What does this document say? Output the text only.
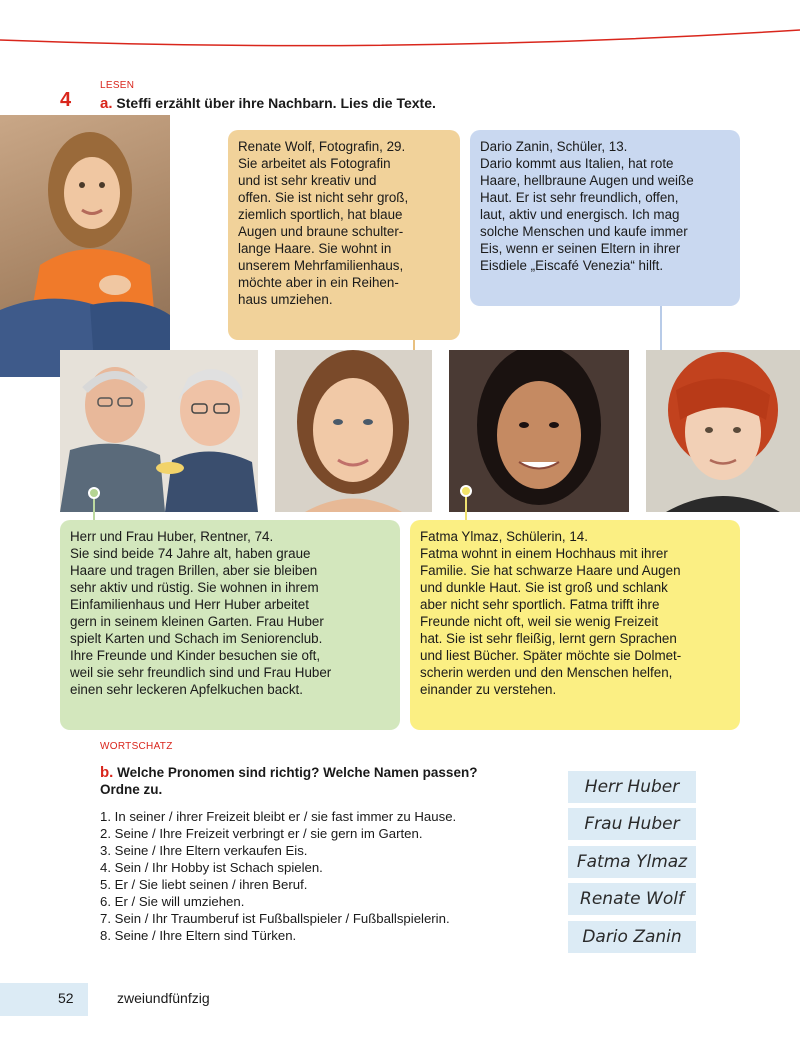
4
LESEN
a. Steffi erzählt über ihre Nachbarn. Lies die Texte.

Renate Wolf, Fotografin, 29.

Sie arbeitet als Fotografin

und ist sehr kreativ und

offen. Sie ist nicht sehr groß,

ziemlich sportlich, hat blaue

Augen und braune schulter-

lange Haare. Sie wohnt in

unserem Mehrfamilienhaus,

möchte aber in ein Reihen-

haus umziehen.

Dario Zanin, Schüler, 13.

Dario kommt aus Italien, hat rote

Haare, hellbraune Augen und weiße

Haut. Er ist sehr freundlich, offen,

laut, aktiv und energisch. Ich mag

solche Menschen und kaufe immer

Eis, wenn er seinen Eltern in ihrer

Eisdiele „Eiscafé Venezia“ hilft.

Herr und Frau Huber, Rentner, 74.

Sie sind beide 74 Jahre alt, haben graue

Haare und tragen Brillen, aber sie bleiben

sehr aktiv und rüstig. Sie wohnen in ihrem

Einfamilienhaus und Herr Huber arbeitet

gern in seinem kleinen Garten. Frau Huber

spielt Karten und Schach im Seniorenclub.

Ihre Freunde und Kinder besuchen sie oft,

weil sie sehr freundlich sind und Frau Huber

einen sehr leckeren Apfelkuchen backt.

Fatma Ylmaz, Schülerin, 14.

Fatma wohnt in einem Hochhaus mit ihrer

Familie. Sie hat schwarze Haare und Augen

und dunkle Haut. Sie ist groß und schlank

aber nicht sehr sportlich. Fatma trifft ihre

Freunde nicht oft, weil sie wenig Freizeit

hat. Sie ist sehr fleißig, lernt gern Sprachen

und liest Bücher. Später möchte sie Dolmet-

scherin werden und den Menschen helfen,

einander zu verstehen.

WORTSCHATZ
b. Welche Pronomen sind richtig? Welche Namen passen?
Ordne zu.
1. In seiner / ihrer Freizeit bleibt er / sie fast immer zu Hause.
2. Seine / Ihre Freizeit verbringt er / sie gern im Garten.
3. Seine / Ihre Eltern verkaufen Eis.
4. Sein / Ihr Hobby ist Schach spielen.
5. Er / Sie liebt seinen / ihren Beruf.
6. Er / Sie will umziehen.
7. Sein / Ihr Traumberuf ist Fußballspieler / Fußballspielerin.
8. Seine / Ihre Eltern sind Türken.
Herr Huber
Frau Huber
Fatma Ylmaz
Renate Wolf
Dario Zanin
52	zweiundfünfzig
